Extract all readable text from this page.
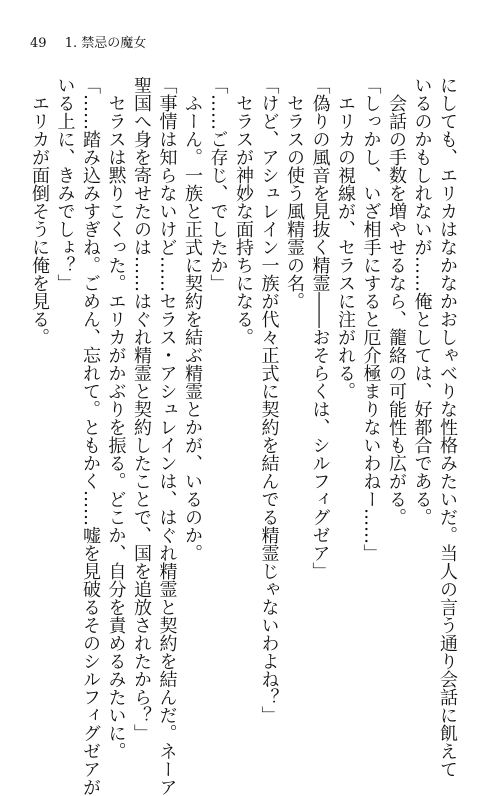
49 1. 禁忌の魔女
にしても、エリカはなかなかおしゃべりな性格みたいだ。当人の言う通り会話に飢えて
いるのかもしれないが……俺としては、好都合である。
　会話の手数を増やせるなら、籠絡の可能性も広がる。
「しっかし、いざ相手にすると厄介極まりないわねー……」
　エリカの視線が、セラスに注がれる。
「偽りの風音を見抜く精霊――おそらくは、シルフィグゼア」
　セラスの使う風精霊の名。
「けど、アシュレイン一族が代々正式に契約を結んでる精霊じゃないわよね？」
　セラスが神妙な面持ちになる。
「……ご存じ、でしたか」
　ふーん。一族と正式に契約を結ぶ精霊とかが、いるのか。
「事情は知らないけど……セラス・アシュレインは、はぐれ精霊と契約を結んだ。ネーア
聖国へ身を寄せたのは……はぐれ精霊と契約したことで、国を追放されたから？」
　セラスは黙りこくった。エリカがかぶりを振る。どこか、自分を責めるみたいに。
「……踏み込みすぎね。ごめん、忘れて。ともかく……嘘を見破るそのシルフィグゼアが
いる上に、きみでしょ？」
　エリカが面倒そうに俺を見る。
